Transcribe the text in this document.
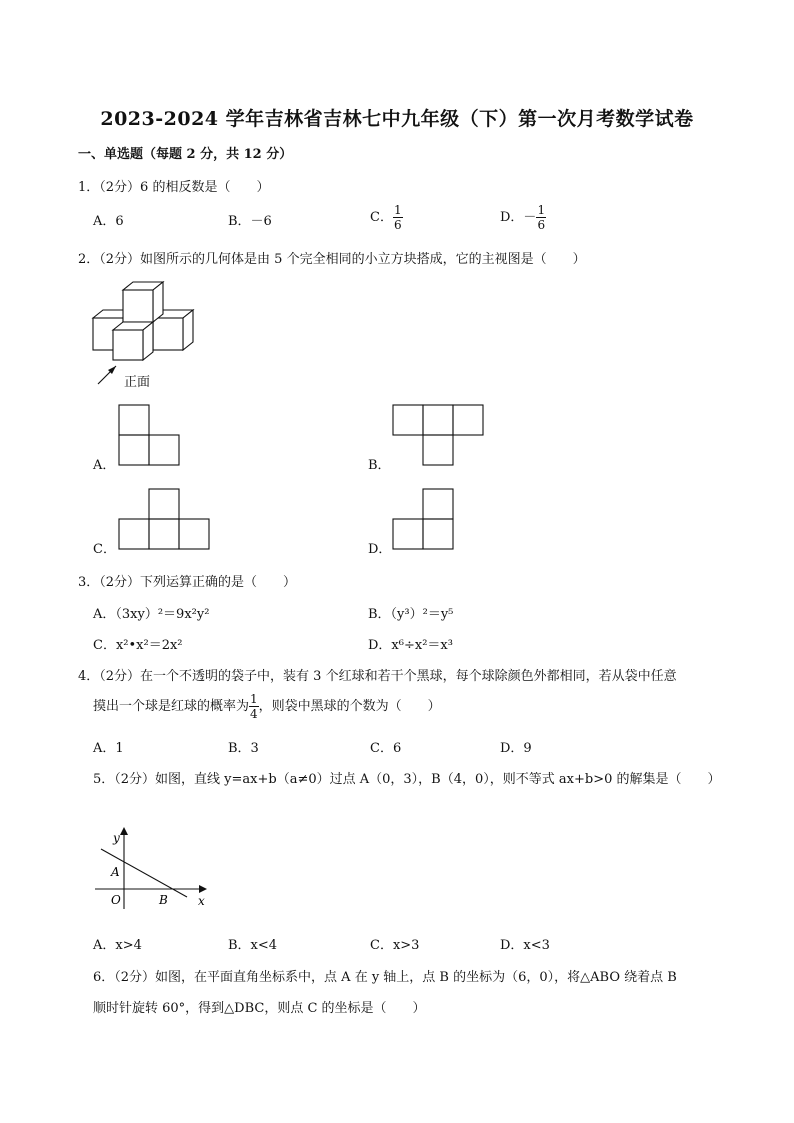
2023-2024 学年吉林省吉林七中九年级（下）第一次月考数学试卷
一、单选题（每题 2 分，共 12 分）
1．（2分）6 的相反数是（　　）
A．6	B．－6	C． $\frac{1}{6}$	D．－ $\frac{1}{6}$
2．（2分）如图所示的几何体是由 5 个完全相同的小立方块搭成，它的主视图是（　　）
正面
A．	B．
C．	D．
3．（2分）下列运算正确的是（　　）
A．（3xy）²＝9x²y²	B．（y³）²＝y⁵
C．x²•x²＝2x²	D．x⁶÷x²＝x³
4．（2分）在一个不透明的袋子中，装有 3 个红球和若干个黑球，每个球除颜色外都相同，若从袋中任意
摸出一个球是红球的概率为 $\frac{1}{4}$ ，则袋中黑球的个数为（　　）
A．1	B．3	C．6	D．9
5．（2分）如图，直线 y=ax+b（a≠0）过点 A（0，3），B（4，0），则不等式 ax+b>0 的解集是（　　）
y
x
A
O	B
A．x>4	B．x<4	C．x>3	D．x<3
6．（2分）如图，在平面直角坐标系中，点 A 在 y 轴上，点 B 的坐标为（6，0），将△ABO 绕着点 B
顺时针旋转 60°，得到△DBC，则点 C 的坐标是（　　）
